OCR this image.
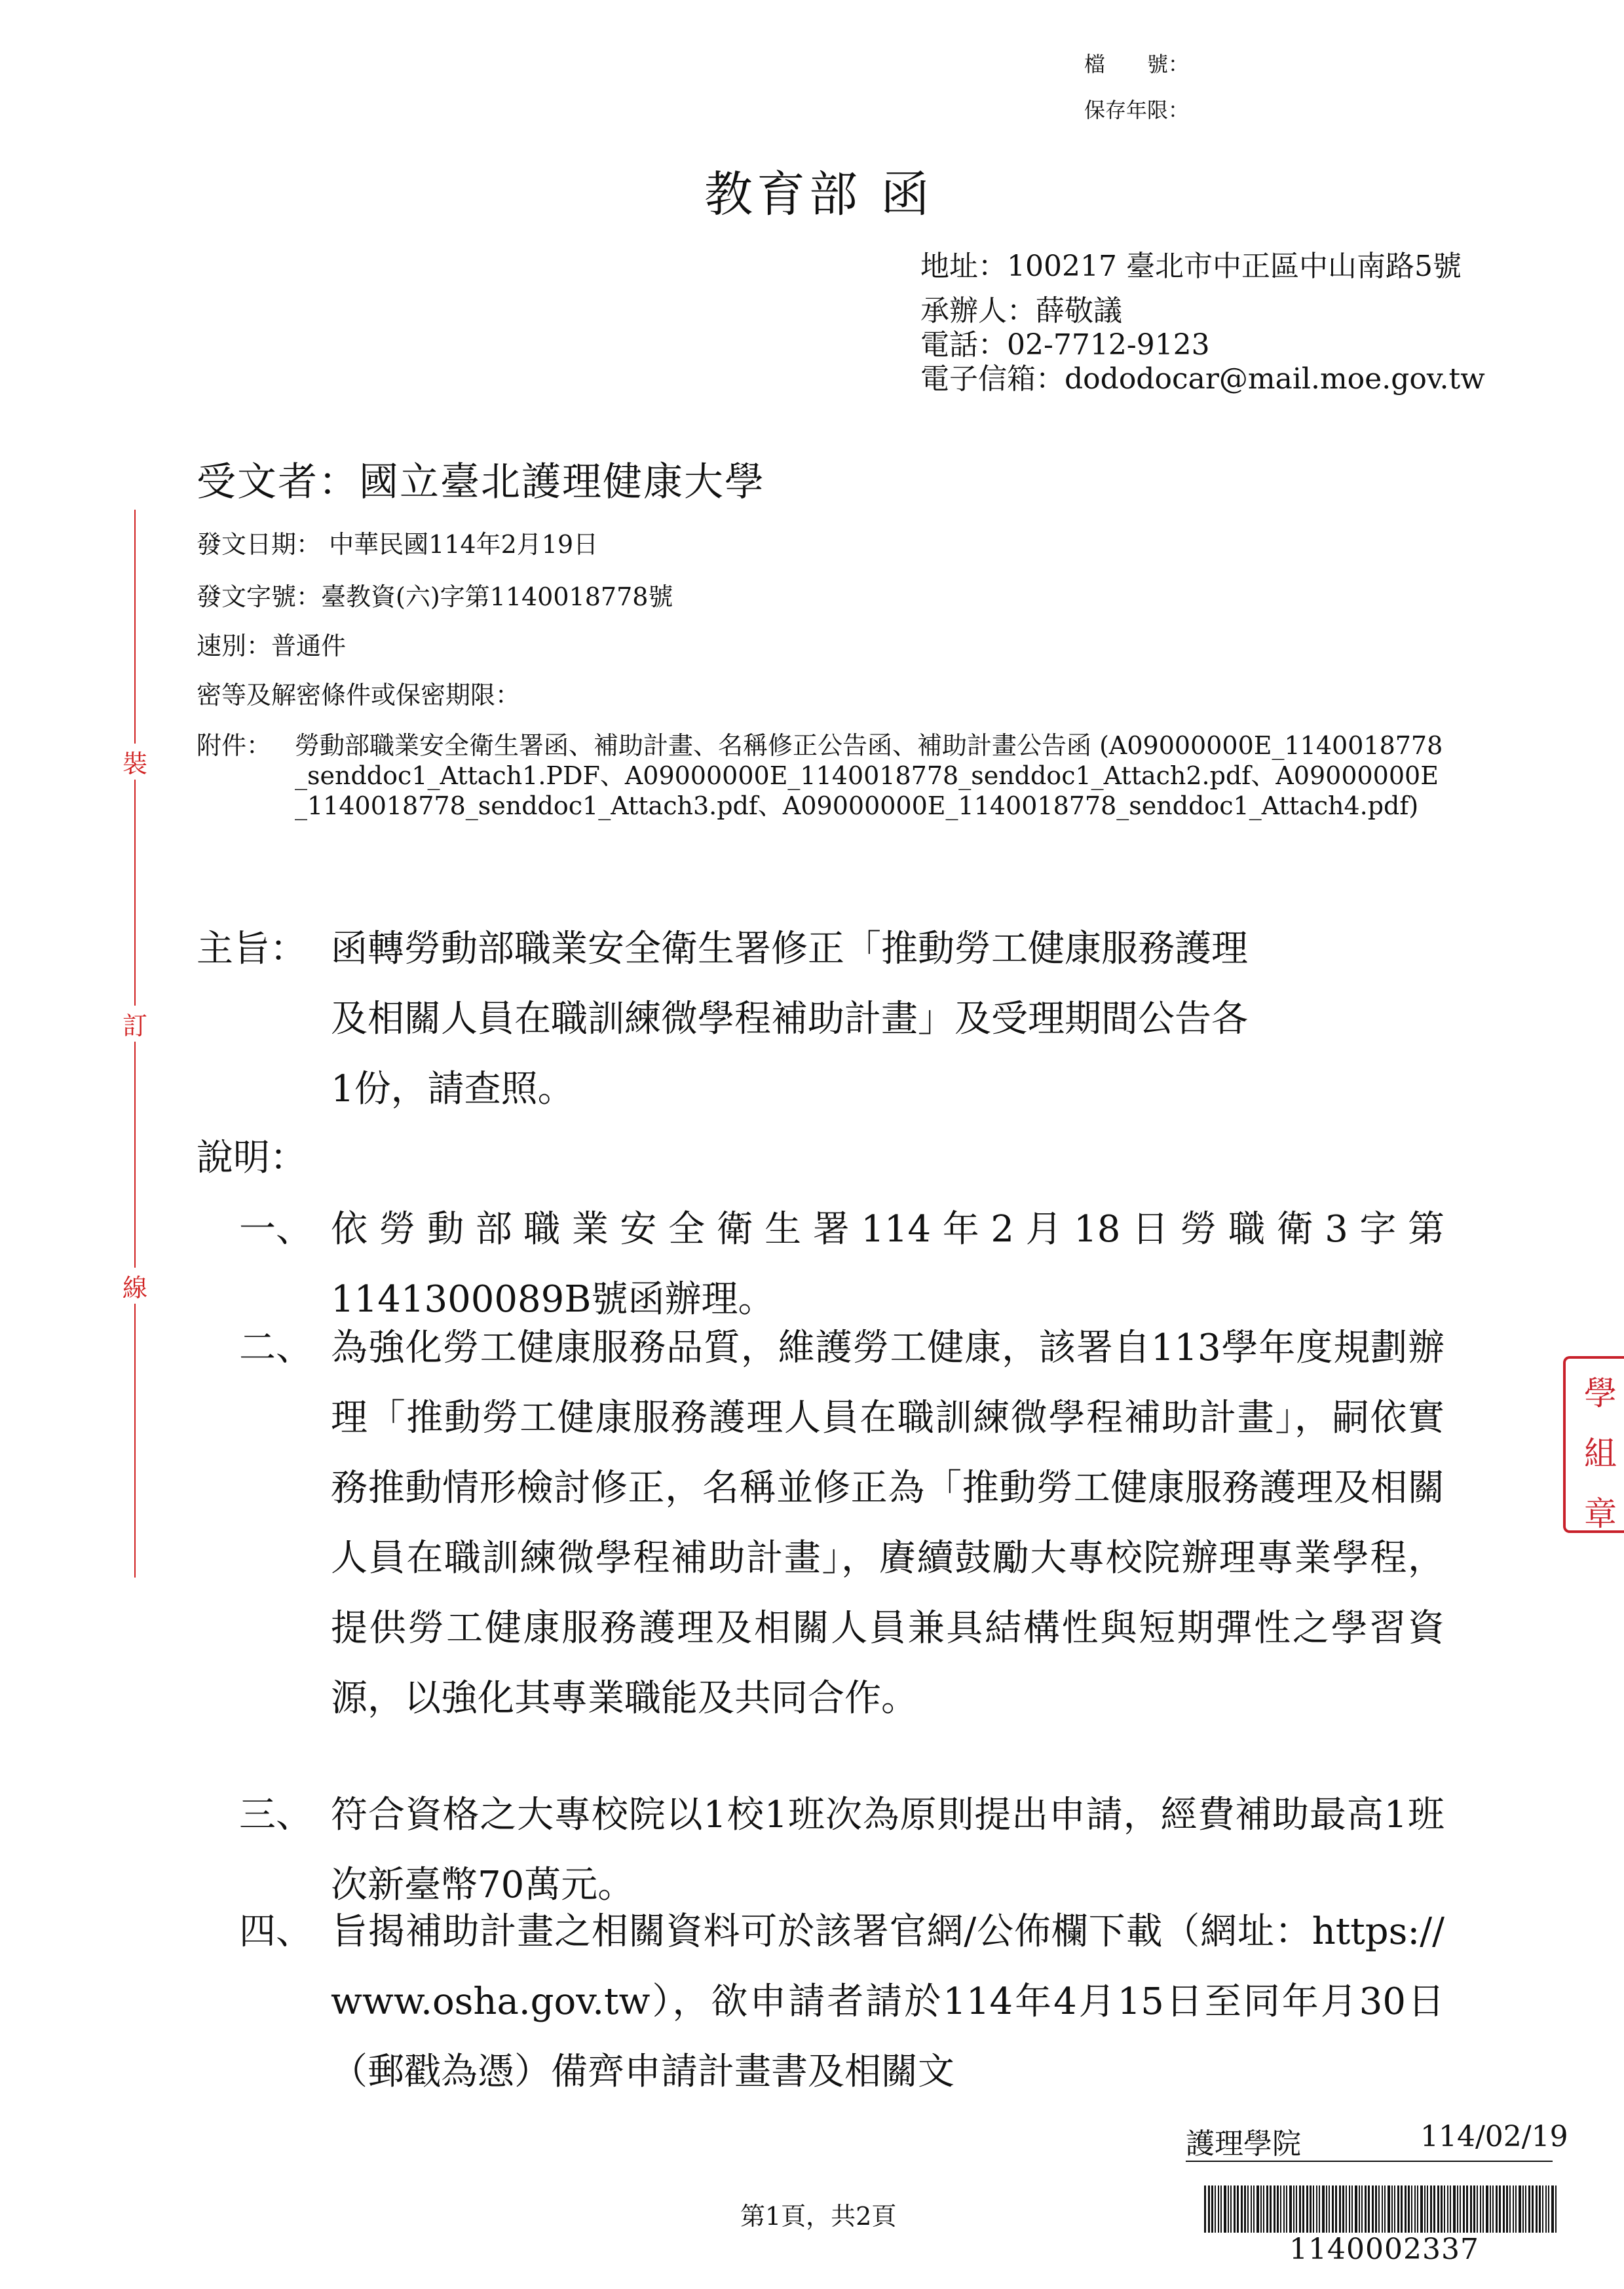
檔　　號：
保存年限：
教育部 函
地址：100217 臺北市中正區中山南路5號
承辦人：薛敬議
電話：02-7712-9123
電子信箱：dododocar@mail.moe.gov.tw
受文者：國立臺北護理健康大學
發文日期： 中華民國114年2月19日
發文字號：臺教資(六)字第1140018778號
速別：普通件
密等及解密條件或保密期限：
附件： 勞動部職業安全衛生署函、補助計畫、名稱修正公告函、補助計畫公告函 (A09000000E_1140018778_senddoc1_Attach1.PDF、A09000000E_1140018778_senddoc1_Attach2.pdf、A09000000E_1140018778_senddoc1_Attach3.pdf、A09000000E_1140018778_senddoc1_Attach4.pdf)
主旨： 函轉勞動部職業安全衛生署修正「推動勞工健康服務護理
及相關人員在職訓練微學程補助計畫」及受理期間公告各
1份，請查照。
說明：
一、 依勞動部職業安全衛生署114年2月18日勞職衛3字第1141300089B號函辦理。
二、 為強化勞工健康服務品質，維護勞工健康，該署自113學年度規劃辦理「推動勞工健康服務護理人員在職訓練微學程補助計畫」，嗣依實務推動情形檢討修正，名稱並修正為「推動勞工健康服務護理及相關人員在職訓練微學程補助計畫」，賡續鼓勵大專校院辦理專業學程，提供勞工健康服務護理及相關人員兼具結構性與短期彈性之學習資源，以強化其專業職能及共同合作。
三、 符合資格之大專校院以1校1班次為原則提出申請，經費補助最高1班次新臺幣70萬元。
四、 旨揭補助計畫之相關資料可於該署官網/公佈欄下載（網址：https://www.osha.gov.tw），欲申請者請於114年4月15日至同年月30日（郵戳為憑）備齊申請計畫書及相關文
裝
訂
線
學
組
章
護理學院	114/02/19
1140002337
第1頁，共2頁
